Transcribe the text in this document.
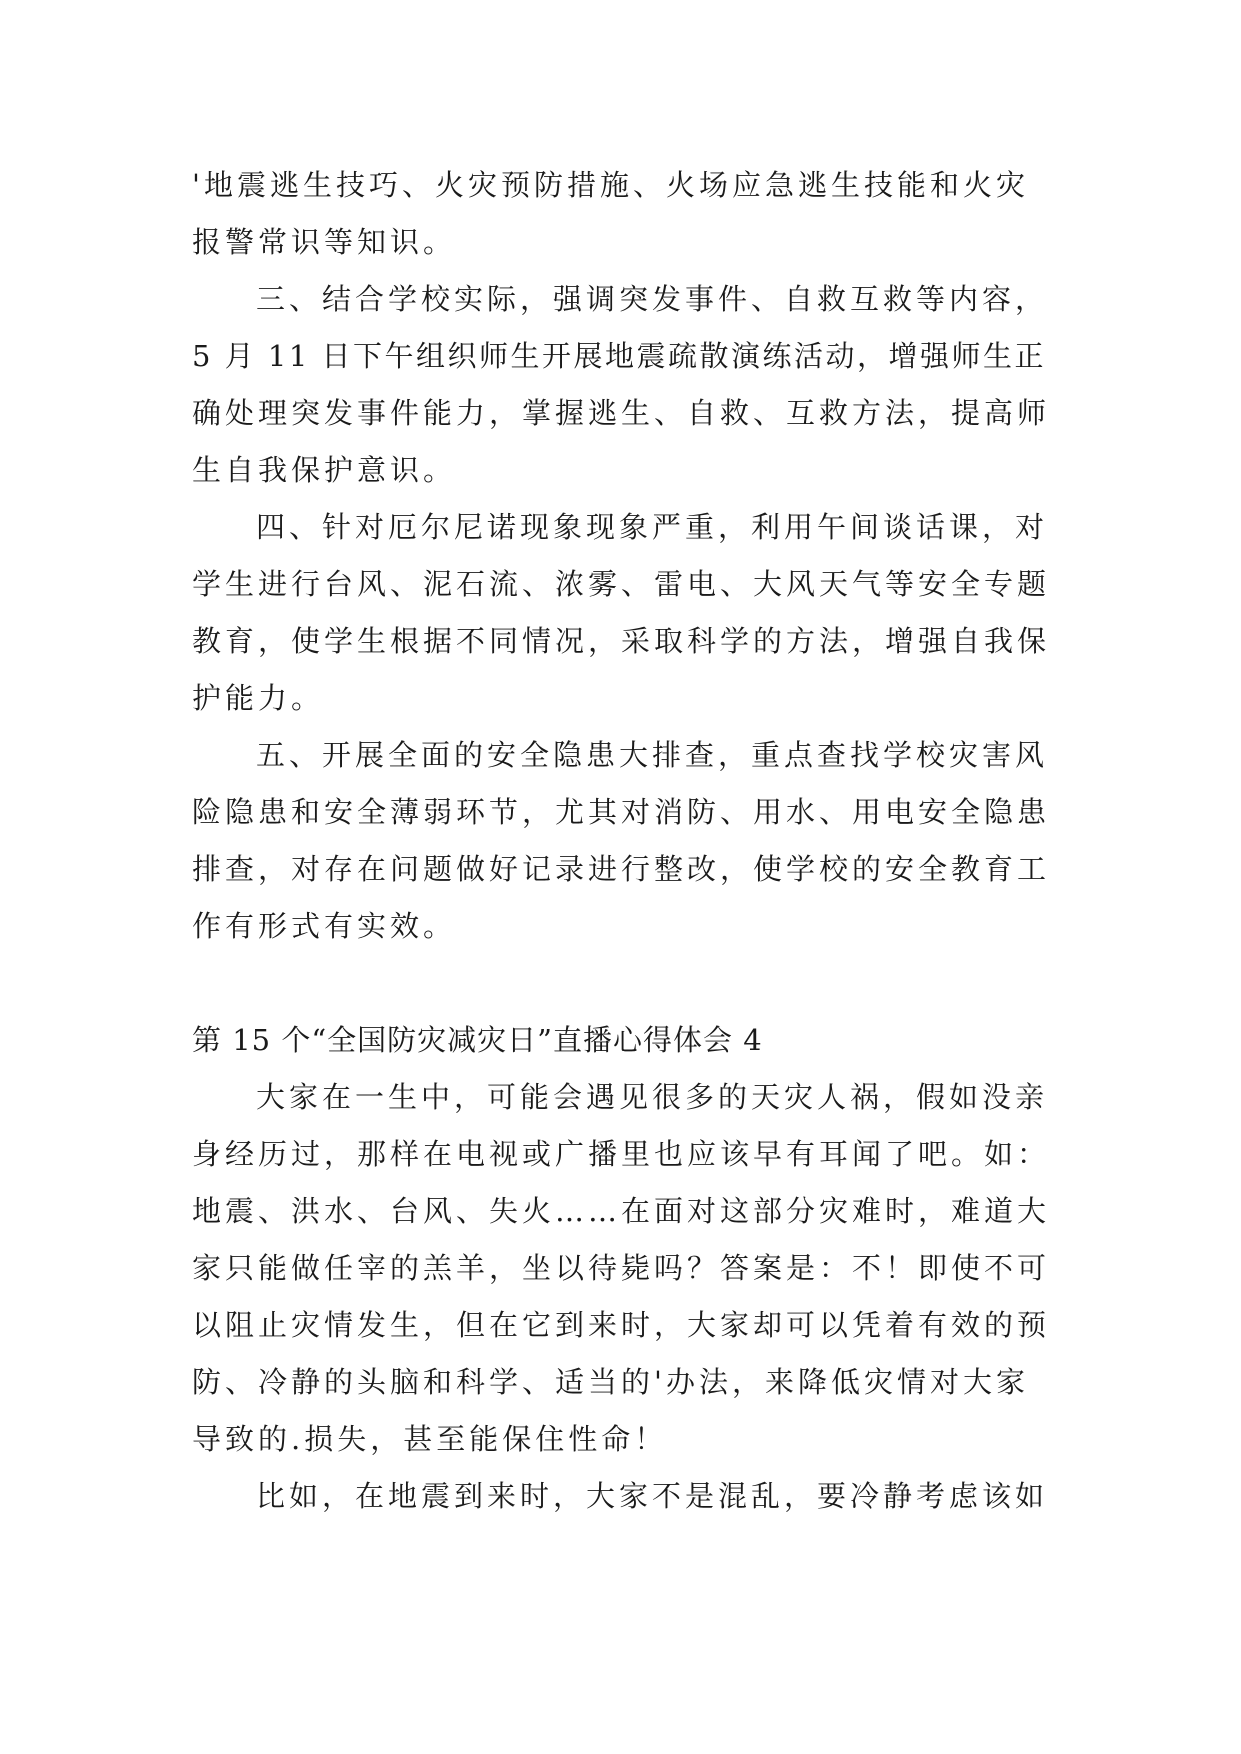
'地震逃生技巧、火灾预防措施、火场应急逃生技能和火灾
报警常识等知识。
三、结合学校实际，强调突发事件、自救互救等内容，
5 月 11 日下午组织师生开展地震疏散演练活动，增强师生正
确处理突发事件能力，掌握逃生、自救、互救方法，提高师
生自我保护意识。
四、针对厄尔尼诺现象现象严重，利用午间谈话课，对
学生进行台风、泥石流、浓雾、雷电、大风天气等安全专题
教育，使学生根据不同情况，采取科学的方法，增强自我保
护能力。
五、开展全面的安全隐患大排查，重点查找学校灾害风
险隐患和安全薄弱环节，尤其对消防、用水、用电安全隐患
排查，对存在问题做好记录进行整改，使学校的安全教育工
作有形式有实效。
第 15 个“全国防灾减灾日”直播心得体会 4
大家在一生中，可能会遇见很多的天灾人祸，假如没亲
身经历过，那样在电视或广播里也应该早有耳闻了吧。如：
地震、洪水、台风、失火……在面对这部分灾难时，难道大
家只能做任宰的羔羊，坐以待毙吗？答案是：不！即使不可
以阻止灾情发生，但在它到来时，大家却可以凭着有效的预
防、冷静的头脑和科学、适当的'办法，来降低灾情对大家
导致的.损失，甚至能保住性命！
比如，在地震到来时，大家不是混乱，要冷静考虑该如
